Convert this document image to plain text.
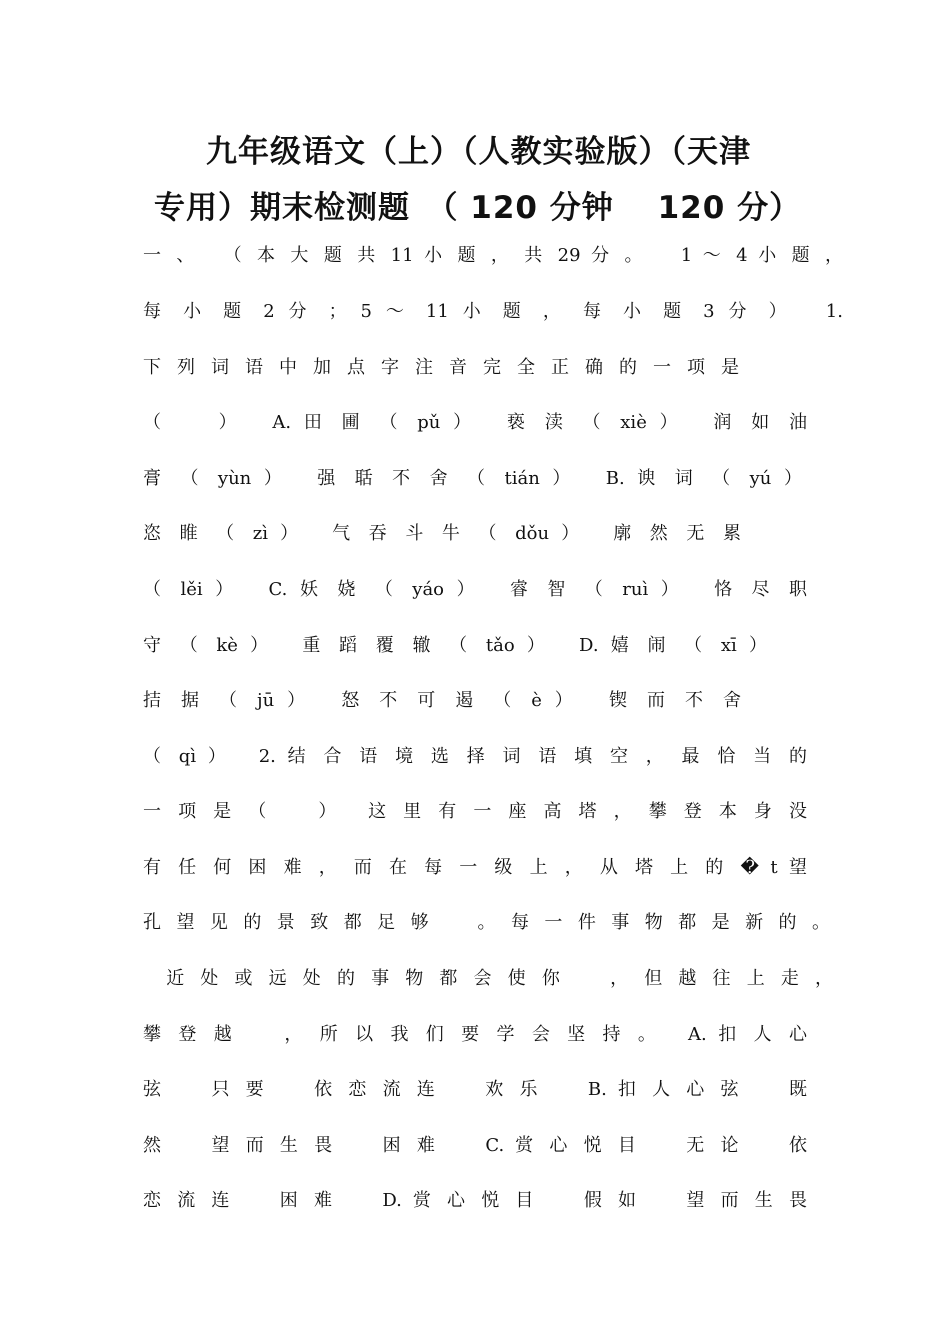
九年级语文（上）（人教实验版）（天津
专用）期末检测题　（ 120 分钟　 120 分）
一 、 　（ 本 大 题 共 11 小 题 ， 共 29 分 。 　1 ～ 4 小 题 ，
每 小 题 2 分 ； 5 ～ 11 小 题 ， 每 小 题 3 分 ）　 1.
下 列 词 语 中 加 点 字 注 音 完 全 正 确 的 一 项 是
（ 　 ）　 A. 田 圃 （ pǔ ）　 亵 渎 （ xiè ）　 润 如 油
膏 （ yùn ）　 强 聒 不 舍 （ tián ）　 B. 谀 词 （ yú ）
恣 睢 （ zì ）　 气 吞 斗 牛 （ dǒu ）　 廓 然 无 累
（ lěi ）　 C. 妖 娆 （ yáo ）　 睿 智 （ ruì ）　 恪 尽 职
守 （ kè ）　 重 蹈 覆 辙 （ tǎo ）　 D. 嬉 闹 （ xī ）
拮 据 （ jū ）　 怒 不 可 遏 （ è ）　 锲 而 不 舍
（ qì ）　 2. 结 合 语 境 选 择 词 语 填 空 ， 最 恰 当 的
一 项 是 （ 　 ）　 这 里 有 一 座 高 塔 ， 攀 登 本 身 没
有 任 何 困 难 ， 而 在 每 一 级 上 ， 从 塔 上 的 � t 望
孔 望 见 的 景 致 都 足 够 　 。 每 一 件 事 物 都 是 新 的 。
　近 处 或 远 处 的 事 物 都 会 使 你 　 ， 但 越 往 上 走 ，
攀 登 越 　 ， 所 以 我 们 要 学 会 坚 持 。　 A. 扣 人 心
弦 　 只 要 　 依 恋 流 连 　 欢 乐 　 B. 扣 人 心 弦 　 既
然 　 望 而 生 畏 　 困 难 　 C. 赏 心 悦 目 　 无 论 　 依
恋 流 连 　 困 难 　 D. 赏 心 悦 目 　 假 如 　 望 而 生 畏
